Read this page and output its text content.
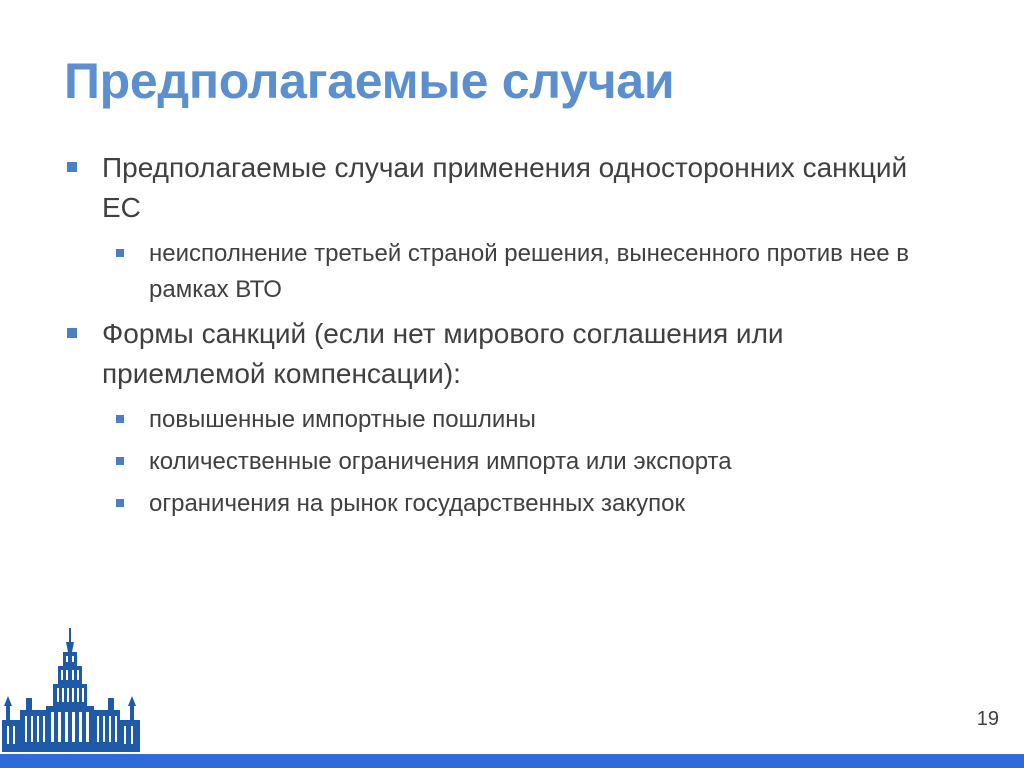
Предполагаемые случаи
Предполагаемые случаи применения односторонних санкций ЕС
неисполнение третьей страной решения, вынесенного против нее в рамках ВТО
Формы санкций (если нет мирового соглашения или приемлемой компенсации):
повышенные импортные пошлины
количественные ограничения импорта или экспорта
ограничения на рынок государственных закупок
19
